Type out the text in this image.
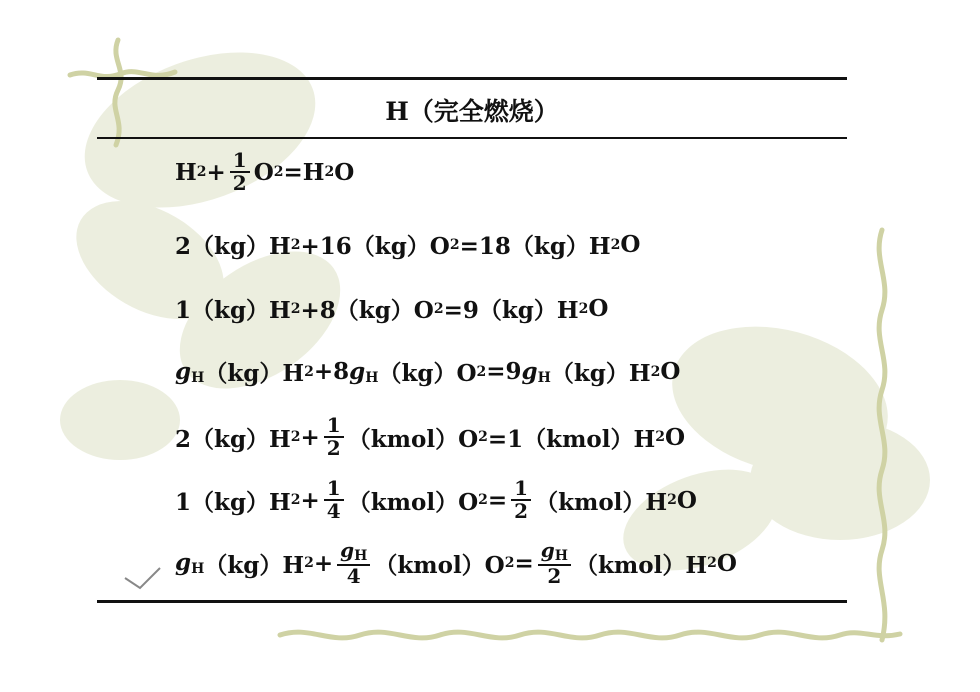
H（完全燃烧）
H $2 + \frac{1}{2}$ O 2 = H 2 O
2（kg）H 2 +16（kg）O 2 =18（kg）H 2 O
1（kg）H 2 +8（kg）O 2 =9（kg）H 2 O
$g_H$ （kg）H 2 +8 $g_H$ （kg）O 2 =9 $g_H$ （kg）H 2 O
2（kg）H $2 + \frac{1}{2}$ （kmol）O 2 =1（kmol）H 2 O
1（kg）H $2 + \frac{1}{4}$ （kmol）O $2 = \frac{1}{2}$ （kmol）H 2 O
$g_H$ （kg）H $2 + \frac{g_H}{4}$ （kmol）O $2 = \frac{g_H}{2}$ （kmol）H 2 O
